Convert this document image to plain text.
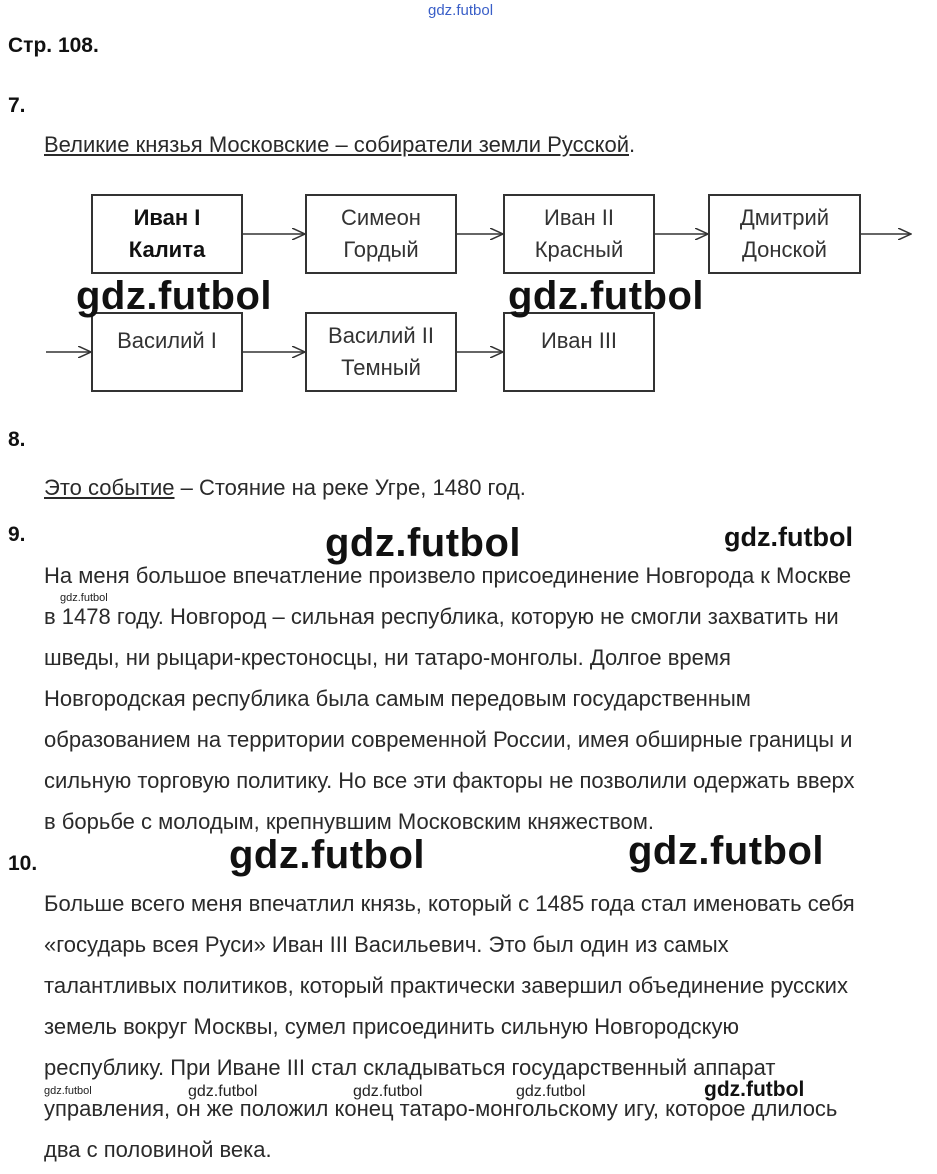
gdz.futbol
Стр. 108.
7.
Великие князья Московские – собиратели земли Русской.
Иван I
Калита
Симеон
Гордый
Иван II
Красный
Дмитрий
Донской
Василий I	Василий II
Темный
Иван III
gdz.futbol	gdz.futbol
8.
Это событие – Стояние на реке Угре, 1480 год.
9.	gdz.futbol	gdz.futbol
На меня большое впечатление произвело присоединение Новгорода к Москве
в 1478 году. Новгород – сильная республика, которую не смогли захватить ни
шведы, ни рыцари-крестоносцы, ни татаро-монголы. Долгое время
Новгородская республика была самым передовым государственным
образованием на территории современной России, имея обширные границы и
сильную торговую политику. Но все эти факторы не позволили одержать вверх
в борьбе с молодым, крепнувшим Московским княжеством.
gdz.futbol
10.	gdz.futbol	gdz.futbol
Больше всего меня впечатлил князь, который с 1485 года стал именовать себя
«государь всея Руси» Иван III Васильевич. Это был один из самых
талантливых политиков, который практически завершил объединение русских
земель вокруг Москвы, сумел присоединить сильную Новгородскую
республику. При Иване III стал складываться государственный аппарат
управления, он же положил конец татаро-монгольскому игу, которое длилось
два с половиной века.
gdz.futbol	gdz.futbol	gdz.futbol	gdz.futbol	gdz.futbol
